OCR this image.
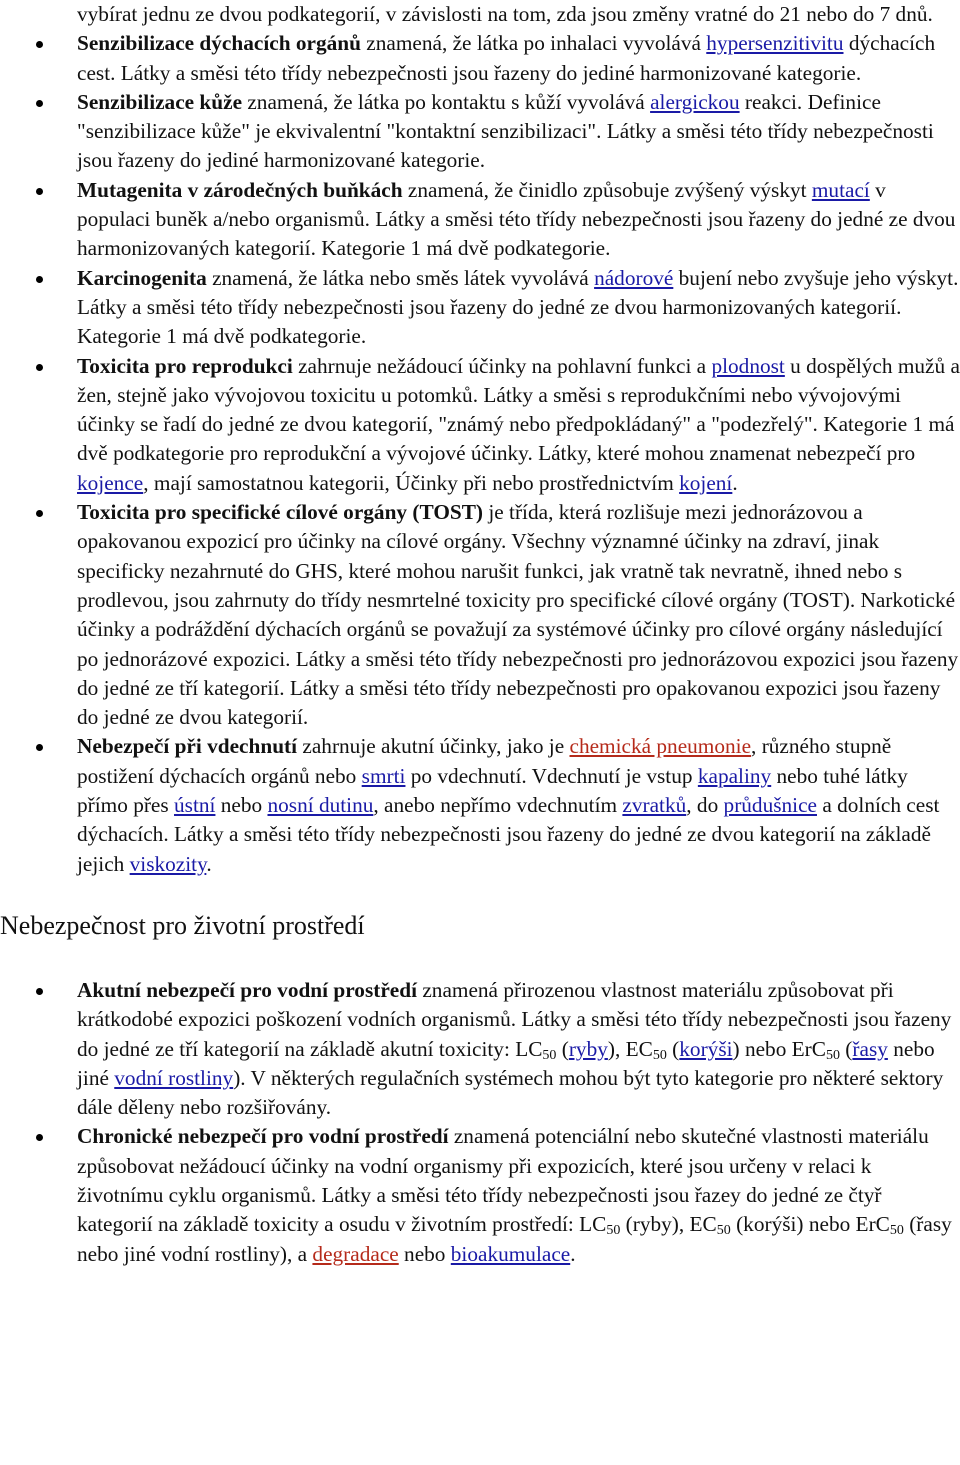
vybírat jednu ze dvou podkategorií, v závislosti na tom, zda jsou změny vratné do 21 nebo do 7 dnů.
Senzibilizace dýchacích orgánů znamená, že látka po inhalaci vyvolává hypersenzitivitu dýchacích cest. Látky a směsi této třídy nebezpečnosti jsou řazeny do jediné harmonizované kategorie.
Senzibilizace kůže znamená, že látka po kontaktu s kůží vyvolává alergickou reakci. Definice "senzibilizace kůže" je ekvivalentní "kontaktní senzibilizaci". Látky a směsi této třídy nebezpečnosti jsou řazeny do jediné harmonizované kategorie.
Mutagenita v zárodečných buňkách znamená, že činidlo způsobuje zvýšený výskyt mutací v populaci buněk a/nebo organismů. Látky a směsi této třídy nebezpečnosti jsou řazeny do jedné ze dvou harmonizovaných kategorií. Kategorie 1 má dvě podkategorie.
Karcinogenita znamená, že látka nebo směs látek vyvolává nádorové bujení nebo zvyšuje jeho výskyt. Látky a směsi této třídy nebezpečnosti jsou řazeny do jedné ze dvou harmonizovaných kategorií. Kategorie 1 má dvě podkategorie.
Toxicita pro reprodukci zahrnuje nežádoucí účinky na pohlavní funkci a plodnost u dospělých mužů a žen, stejně jako vývojovou toxicitu u potomků. Látky a směsi s reprodukčními nebo vývojovými účinky se řadí do jedné ze dvou kategorií, "známý nebo předpokládaný" a "podezřelý". Kategorie 1 má dvě podkategorie pro reprodukční a vývojové účinky. Látky, které mohou znamenat nebezpečí pro kojence, mají samostatnou kategorii, Účinky při nebo prostřednictvím kojení.
Toxicita pro specifické cílové orgány (TOST) je třída, která rozlišuje mezi jednorázovou a opakovanou expozicí pro účinky na cílové orgány. Všechny významné účinky na zdraví, jinak specificky nezahrnuté do GHS, které mohou narušit funkci, jak vratně tak nevratně, ihned nebo s prodlevou, jsou zahrnuty do třídy nesmrtelné toxicity pro specifické cílové orgány (TOST). Narkotické účinky a podráždění dýchacích orgánů se považují za systémové účinky pro cílové orgány následující po jednorázové expozici. Látky a směsi této třídy nebezpečnosti pro jednorázovou expozici jsou řazeny do jedné ze tří kategorií. Látky a směsi této třídy nebezpečnosti pro opakovanou expozici jsou řazeny do jedné ze dvou kategorií.
Nebezpečí při vdechnutí zahrnuje akutní účinky, jako je chemická pneumonie, různého stupně postižení dýchacích orgánů nebo smrti po vdechnutí. Vdechnutí je vstup kapaliny nebo tuhé látky přímo přes ústní nebo nosní dutinu, anebo nepřímo vdechnutím zvratků, do průdušnice a dolních cest dýchacích. Látky a směsi této třídy nebezpečnosti jsou řazeny do jedné ze dvou kategorií na základě jejich viskozity.
Nebezpečnost pro životní prostředí
Akutní nebezpečí pro vodní prostředí znamená přirozenou vlastnost materiálu způsobovat při krátkodobé expozici poškození vodních organismů. Látky a směsi této třídy nebezpečnosti jsou řazeny do jedné ze tří kategorií na základě akutní toxicity: $LC_{50}$ (ryby), $EC_{50}$ (korýši) nebo ErC$_{50}$ (řasy nebo jiné vodní rostliny). V některých regulačních systémech mohou být tyto kategorie pro některé sektory dále děleny nebo rozšiřovány.
Chronické nebezpečí pro vodní prostředí znamená potenciální nebo skutečné vlastnosti materiálu způsobovat nežádoucí účinky na vodní organismy při expozicích, které jsou určeny v relaci k životnímu cyklu organismů. Látky a směsi této třídy nebezpečnosti jsou řazey do jedné ze čtyř kategorií na základě toxicity a osudu v životním prostředí: $LC_{50}$ (ryby), $EC_{50}$ (korýši) nebo ErC$_{50}$ (řasy nebo jiné vodní rostliny), a degradace nebo bioakumulace.
